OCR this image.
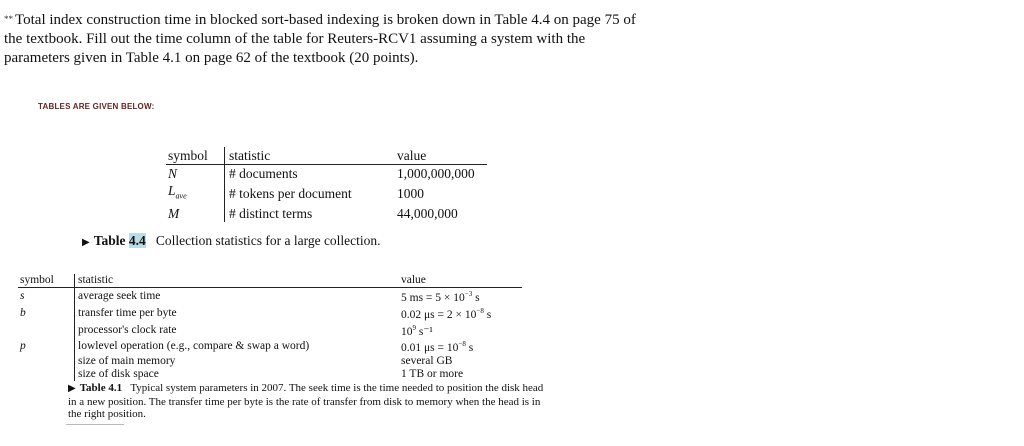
** Total index construction time in blocked sort-based indexing is broken down in Table 4.4 on page 75 of the textbook. Fill out the time column of the table for Reuters-RCV1 assuming a system with the parameters given in Table 4.1 on page 62 of the textbook (20 points).
TABLES ARE GIVEN BELOW:
symbol	statistic	value
N	# documents	1,000,000,000
$L_{ave}$	# tokens per document	1000
M	# distinct terms	44,000,000
▶ Table 4.4 Collection statistics for a large collection.
symbol	statistic	value
s	average seek time	5 ms = $5 \times 10^{-3}$ s
b	transfer time per byte	0.02 $\mu s = 2 \times 10^{-8}$ s
	processor's clock rate	$10^9$ s⁻¹
p	lowlevel operation (e.g., compare & swap a word)	0.01 $\mu s = 10^{-8}$ s
	size of main memory	several GB
	size of disk space	1 TB or more
▶ Table 4.1 Typical system parameters in 2007. The seek time is the time needed to position the disk head in a new position. The transfer time per byte is the rate of transfer from disk to memory when the head is in the right position.
